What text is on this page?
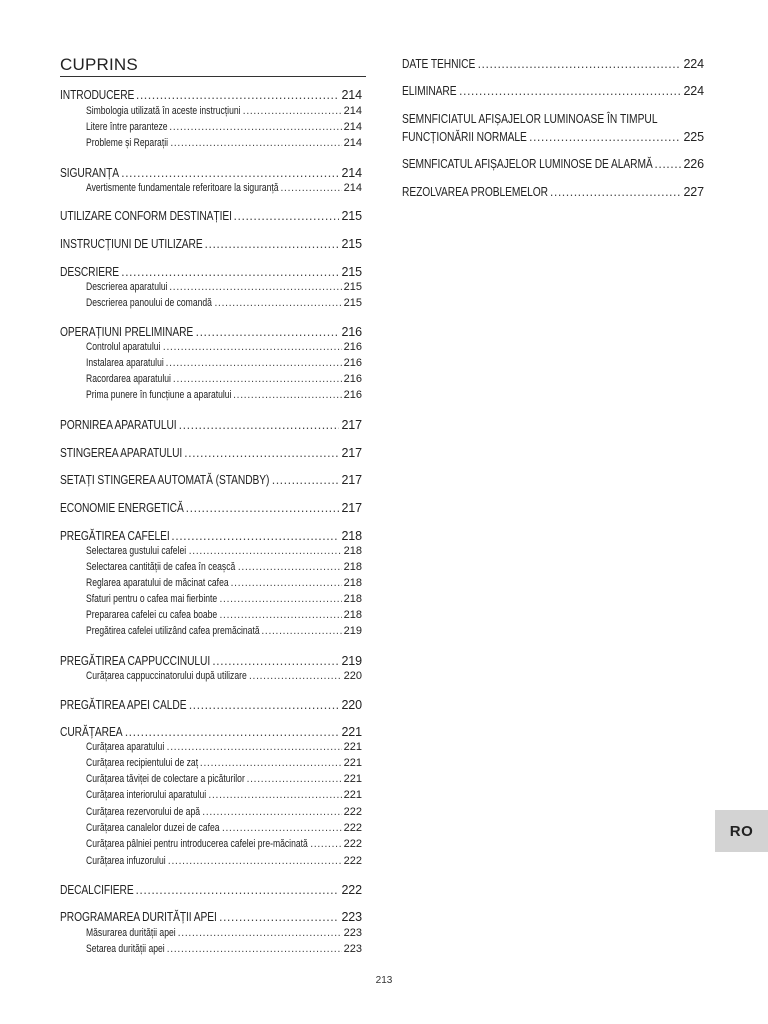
CUPRINS
INTRODUCERE .....	214
Simbologia utilizată în aceste instrucțiuni .....	214
Litere între paranteze .....	214
Probleme și Reparații .....	214
SIGURANȚA .....	214
Avertismente fundamentale referitoare la siguranță .....	214
UTILIZARE CONFORM DESTINAȚIEI .....	215
INSTRUCȚIUNI DE UTILIZARE .....	215
DESCRIERE .....	215
Descrierea aparatului .....	215
Descrierea panoului de comandă .....	215
OPERAȚIUNI PRELIMINARE .....	216
Controlul aparatului .....	216
Instalarea aparatului .....	216
Racordarea aparatului .....	216
Prima punere în funcțiune a aparatului .....	216
PORNIREA APARATULUI .....	217
STINGEREA APARATULUI .....	217
SETAȚI STINGEREA AUTOMATĂ (STANDBY) .....	217
ECONOMIE ENERGETICĂ .....	217
PREGĂTIREA CAFELEI .....	218
Selectarea gustului cafelei .....	218
Selectarea cantității de cafea în ceașcă .....	218
Reglarea aparatului de măcinat cafea .....	218
Sfaturi pentru o cafea mai fierbinte .....	218
Prepararea cafelei cu cafea boabe .....	218
Pregătirea cafelei utilizând cafea premăcinată .....	219
PREGĂTIREA CAPPUCCINULUI .....	219
Curățarea cappuccinatorului după utilizare .....	220
PREGĂTIREA APEI CALDE .....	220
CURĂȚAREA .....	221
Curățarea aparatului .....	221
Curățarea recipientului de zaț .....	221
Curățarea tăviței de colectare a picăturilor .....	221
Curățarea interiorului aparatului .....	221
Curățarea rezervorului de apă .....	222
Curățarea canalelor duzei de cafea .....	222
Curățarea pâlniei pentru introducerea cafelei pre-măcinată .....	222
Curățarea infuzorului .....	222
DECALCIFIERE .....	222
PROGRAMAREA DURITĂȚII APEI .....	223
Măsurarea durității apei .....	223
Setarea durității apei .....	223
DATE TEHNICE .....	224
ELIMINARE .....	224
SEMNFICIATUL AFIȘAJELOR LUMINOASE ÎN TIMPUL
FUNCȚIONĂRII NORMALE .....	225
SEMNFICATUL AFIȘAJELOR LUMINOSE DE ALARMĂ ..... 226
REZOLVAREA PROBLEMELOR .....	227
RO
213
